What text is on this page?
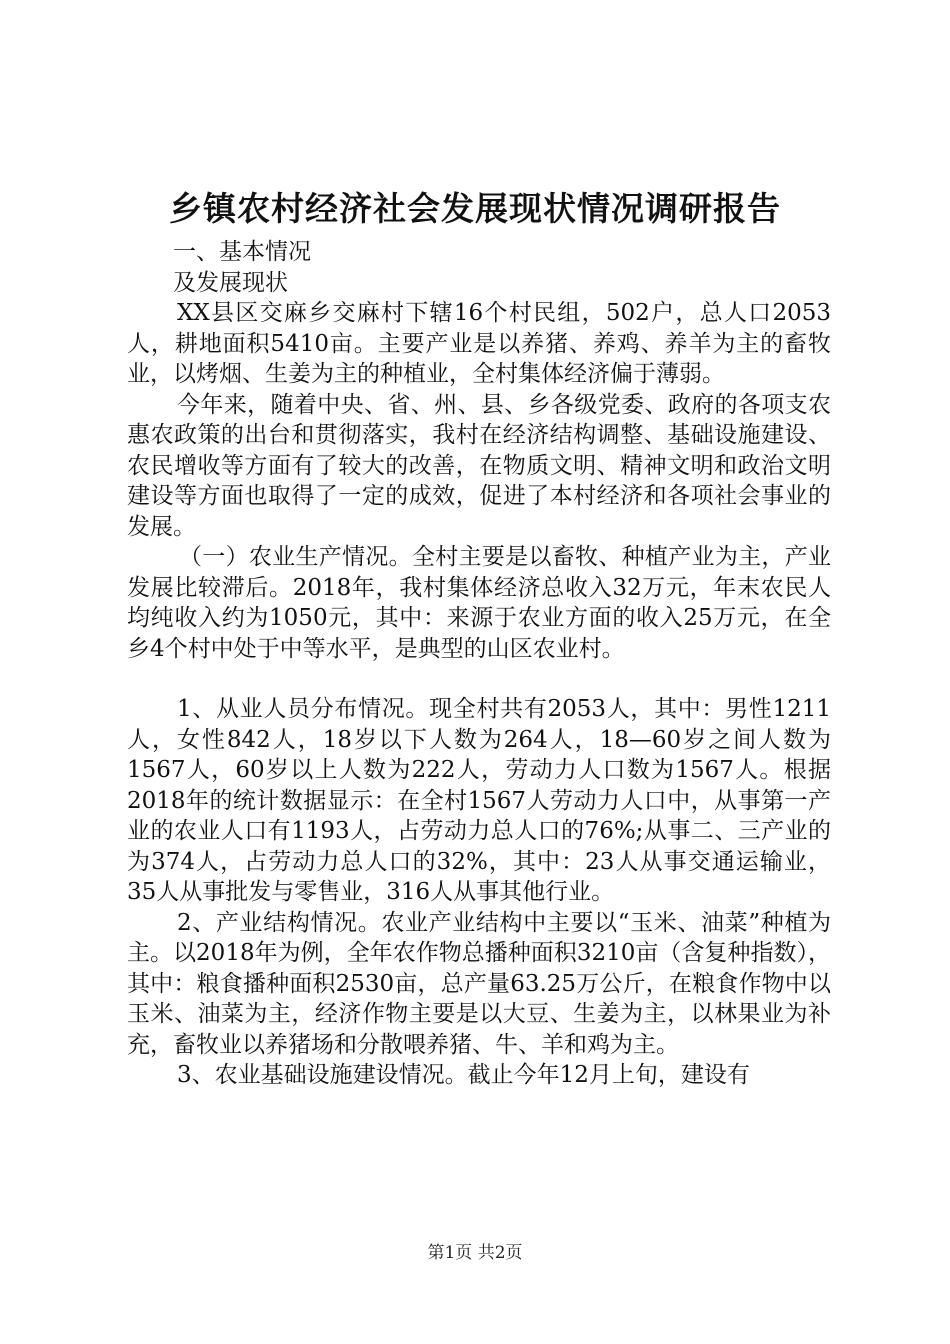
乡镇农村经济社会发展现状情况调研报告

一、基本情况

及发展现状

XX县区交麻乡交麻村下辖16个村民组，502户，总人口2053人，耕地面积5410亩。主要产业是以养猪、养鸡、养羊为主的畜牧业，以烤烟、生姜为主的种植业，全村集体经济偏于薄弱。

今年来，随着中央、省、州、县、乡各级党委、政府的各项支农惠农政策的出台和贯彻落实，我村在经济结构调整、基础设施建设、农民增收等方面有了较大的改善，在物质文明、精神文明和政治文明建设等方面也取得了一定的成效，促进了本村经济和各项社会事业的发展。

（一）农业生产情况。全村主要是以畜牧、种植产业为主，产业发展比较滞后。2018年，我村集体经济总收入32万元，年末农民人均纯收入约为1050元，其中：来源于农业方面的收入25万元，在全乡4个村中处于中等水平，是典型的山区农业村。

1、从业人员分布情况。现全村共有2053人，其中：男性1211人，女性842人，18岁以下人数为264人，18—60岁之间人数为1567人，60岁以上人数为222人，劳动力人口数为1567人。根据2018年的统计数据显示：在全村1567人劳动力人口中，从事第一产业的农业人口有1193人，占劳动力总人口的76%;从事二、三产业的为374人，占劳动力总人口的32%，其中：23人从事交通运输业，35人从事批发与零售业，316人从事其他行业。

2、产业结构情况。农业产业结构中主要以“玉米、油菜”种植为主。以2018年为例，全年农作物总播种面积3210亩（含复种指数），其中：粮食播种面积2530亩，总产量63.25万公斤，在粮食作物中以玉米、油菜为主，经济作物主要是以大豆、生姜为主，以林果业为补充，畜牧业以养猪场和分散喂养猪、牛、羊和鸡为主。

3、农业基础设施建设情况。截止今年12月上旬，建设有

第1页 共2页
